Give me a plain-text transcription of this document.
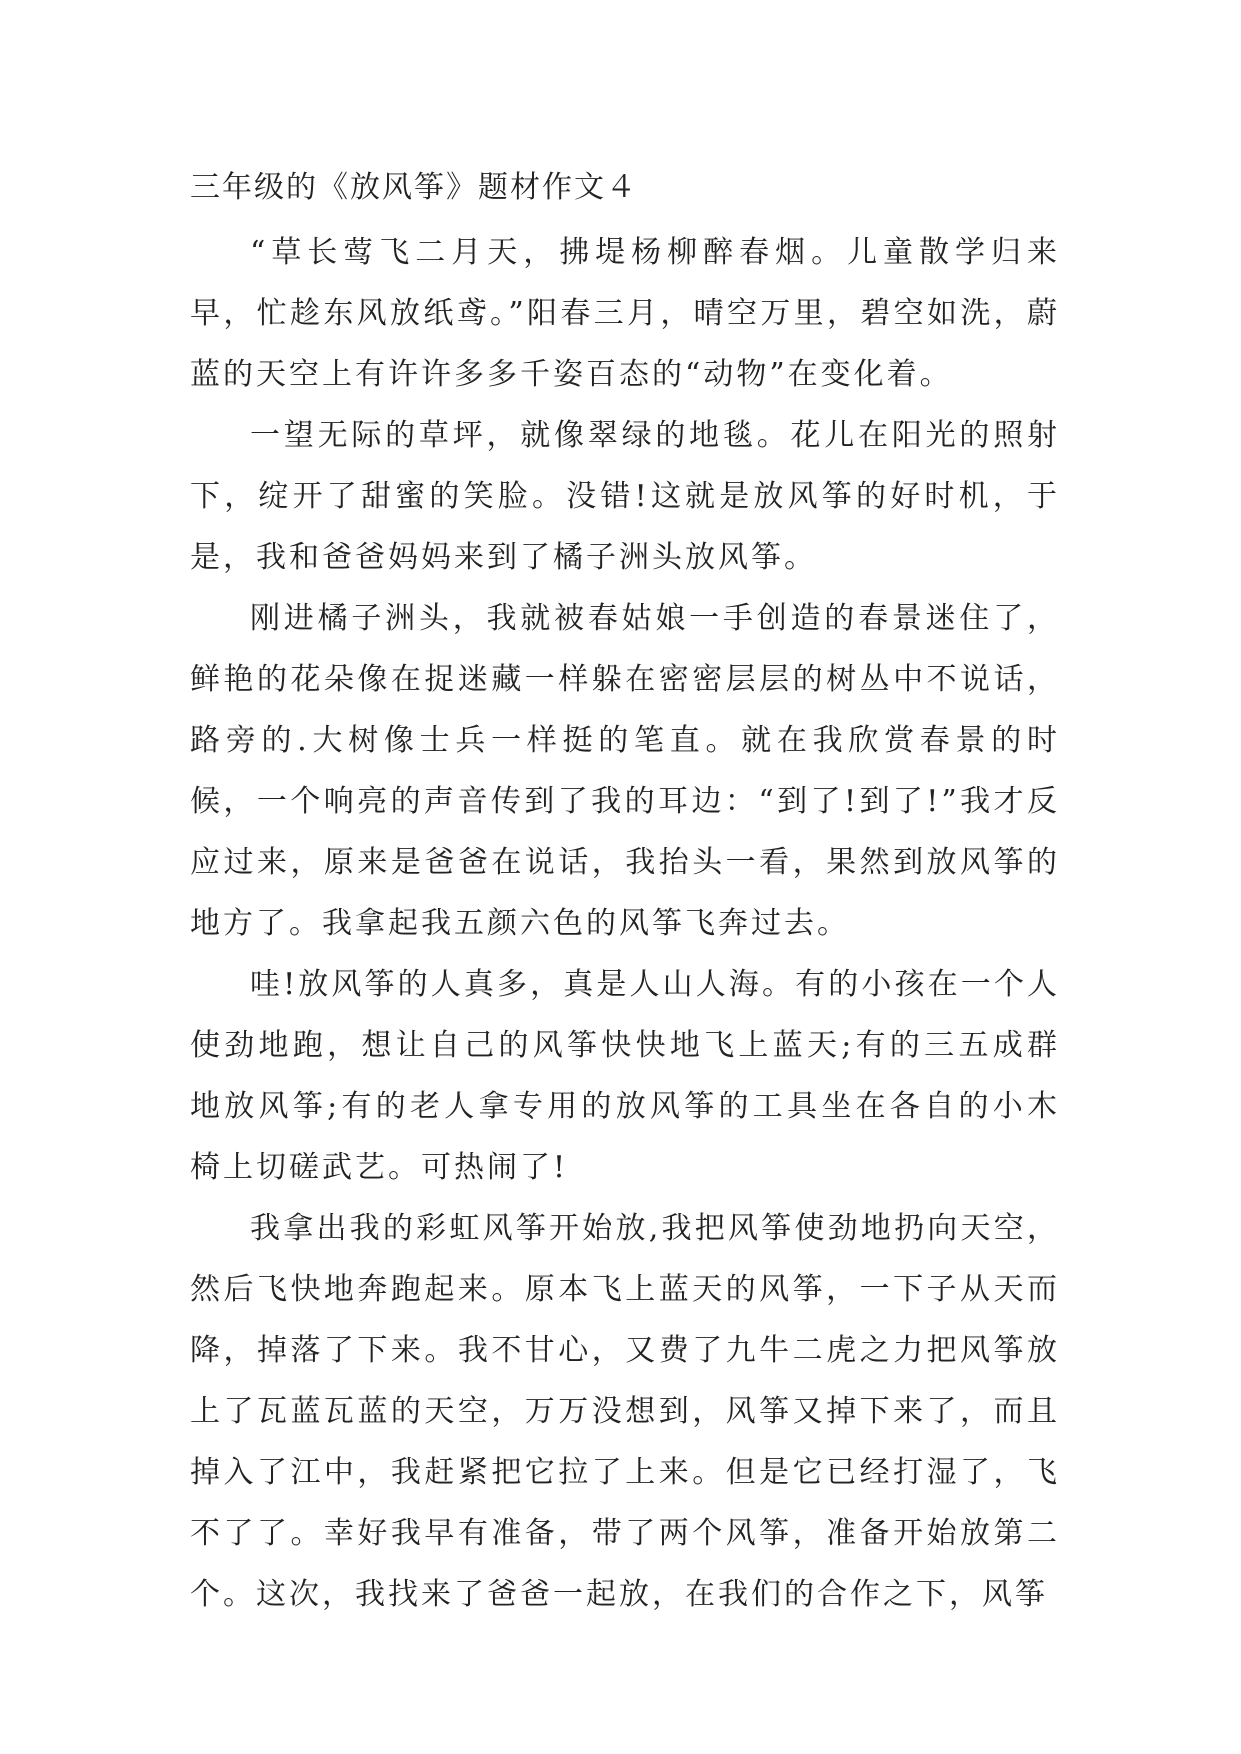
三年级的《放风筝》题材作文４

“草长莺飞二月天，拂堤杨柳醉春烟。儿童散学归来早，忙趁东风放纸鸢。”阳春三月，晴空万里，碧空如洗，蔚蓝的天空上有许许多多千姿百态的“动物”在变化着。

一望无际的草坪，就像翠绿的地毯。花儿在阳光的照射下，绽开了甜蜜的笑脸。没错!这就是放风筝的好时机，于是，我和爸爸妈妈来到了橘子洲头放风筝。

刚进橘子洲头，我就被春姑娘一手创造的春景迷住了，鲜艳的花朵像在捉迷藏一样躲在密密层层的树丛中不说话，路旁的.大树像士兵一样挺的笔直。就在我欣赏春景的时候，一个响亮的声音传到了我的耳边：“到了!到了!”我才反应过来，原来是爸爸在说话，我抬头一看，果然到放风筝的地方了。我拿起我五颜六色的风筝飞奔过去。

哇!放风筝的人真多，真是人山人海。有的小孩在一个人使劲地跑，想让自己的风筝快快地飞上蓝天;有的三五成群地放风筝;有的老人拿专用的放风筝的工具坐在各自的小木椅上切磋武艺。可热闹了!

我拿出我的彩虹风筝开始放,我把风筝使劲地扔向天空，然后飞快地奔跑起来。原本飞上蓝天的风筝，一下子从天而降，掉落了下来。我不甘心，又费了九牛二虎之力把风筝放上了瓦蓝瓦蓝的天空，万万没想到，风筝又掉下来了，而且掉入了江中，我赶紧把它拉了上来。但是它已经打湿了，飞不了了。幸好我早有准备，带了两个风筝，准备开始放第二个。这次，我找来了爸爸一起放，在我们的合作之下，风筝
